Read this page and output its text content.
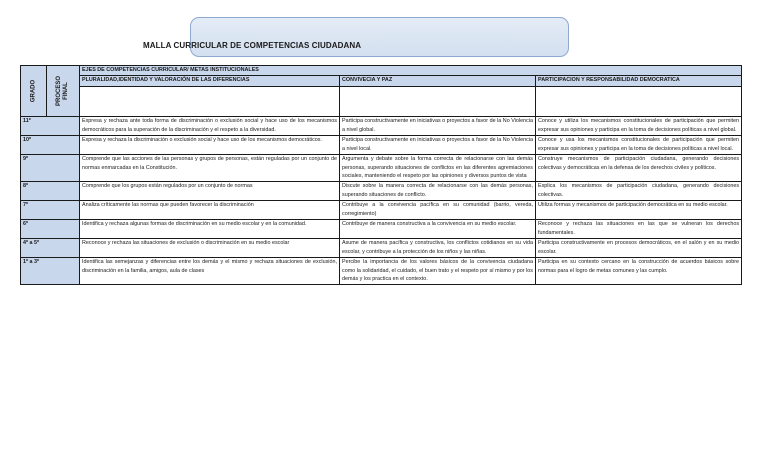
MALLA CURRICULAR DE COMPETENCIAS CIUDADANA
GRADO	PROCESO FINAL	EJES DE COMPETENCIAS CURRICULAR/ METAS INSTITUCIONALES		
		PLURALIDAD,IDENTIDAD Y VALORACIÓN DE LAS DIFERENCIAS	CONVIVECIA Y PAZ	PARTICIPACION Y RESPONSABILIDAD DEMOCRATICA

11º		Expresa y rechaza ante toda forma de discriminación o exclusión social y hace uso de los mecanismos democráticos para la superación de la discriminación y el respeto a la diversidad.	Participa constructivamente en iniciativas o proyectos a favor de la No Violencia a nivel global.	Conoce y utiliza los mecanismos constitucionales de participación que permiten expresar sus opiniones y participa en la toma de decisiones políticas a nivel global.
10º		Expresa y rechaza la discriminación o exclusión social y hace uso de los mecanismos democráticos.	Participa constructivamente en iniciativas o proyectos a favor de la No Violencia a nivel local.	Conoce y usa los mecanismos constitucionales de participación que permiten expresar sus opiniones y participa en la toma de decisiones políticas a nivel local.
9º		Comprende que las acciones de las personas y grupos de personas, están reguladas por un conjunto de normas enmarcadas en la Constitución.	Argumenta y debate sobre la forma correcta de relacionarse con las demás personas, superando situaciones de conflictos en las diferentes agremiaciones sociales, manteniendo el respeto por las opiniones y diversos puntos de vista	Construye mecanismos de participación ciudadana, generando decisiones colectivas y democráticas en la defensa de los derechos civiles y políticos.
8º		Comprende que los grupos están regulados por un conjunto de normas	Discute sobre la manera correcta de relacionarse con las demás personas, superando situaciones de conflicto.	Explica los mecanismos de participación ciudadana, generando decisiones colectivas.
7º		Analiza críticamente las normas que pueden favorecer la discriminación	Contribuye a la convivencia pacífica en su comunidad (barrio, vereda, corregimiento)	Utiliza formas y mecanismos de participación democrática en su medio escolar.
6º		Identifica y rechaza algunas formas de discriminación en su medio escolar y en la comunidad.	Contribuye de manera constructiva a la convivencia en su medio escolar.	Reconoce y rechaza las situaciones en las que se vulneran los derechos fundamentales.
4º a 5º		Reconoce y rechaza las situaciones de exclusión o discriminación en su medio escolar	Asume de manera pacífica y constructiva, los conflictos cotidianos en su vida escolar, y contribuye a la protección de los niños y las niñas.	Participa constructivamente en procesos democráticos, en el salón y en su medio escolar.
1º a 3º		Identifica las semejanzas y diferencias entre los demás y el mismo y rechaza situaciones de exclusión, discriminación en la familia, amigos, aula de clases	Percibe la importancia de los valores básicos de la convivencia ciudadana como la solidaridad, el cuidado, el buen trato y el respeto por sí mismo y por los demás y los practica en el contexto.	Participa en su contexto cercano en la construcción de acuerdos básicos sobre normas para el logro de metas comunes y las cumplo.
